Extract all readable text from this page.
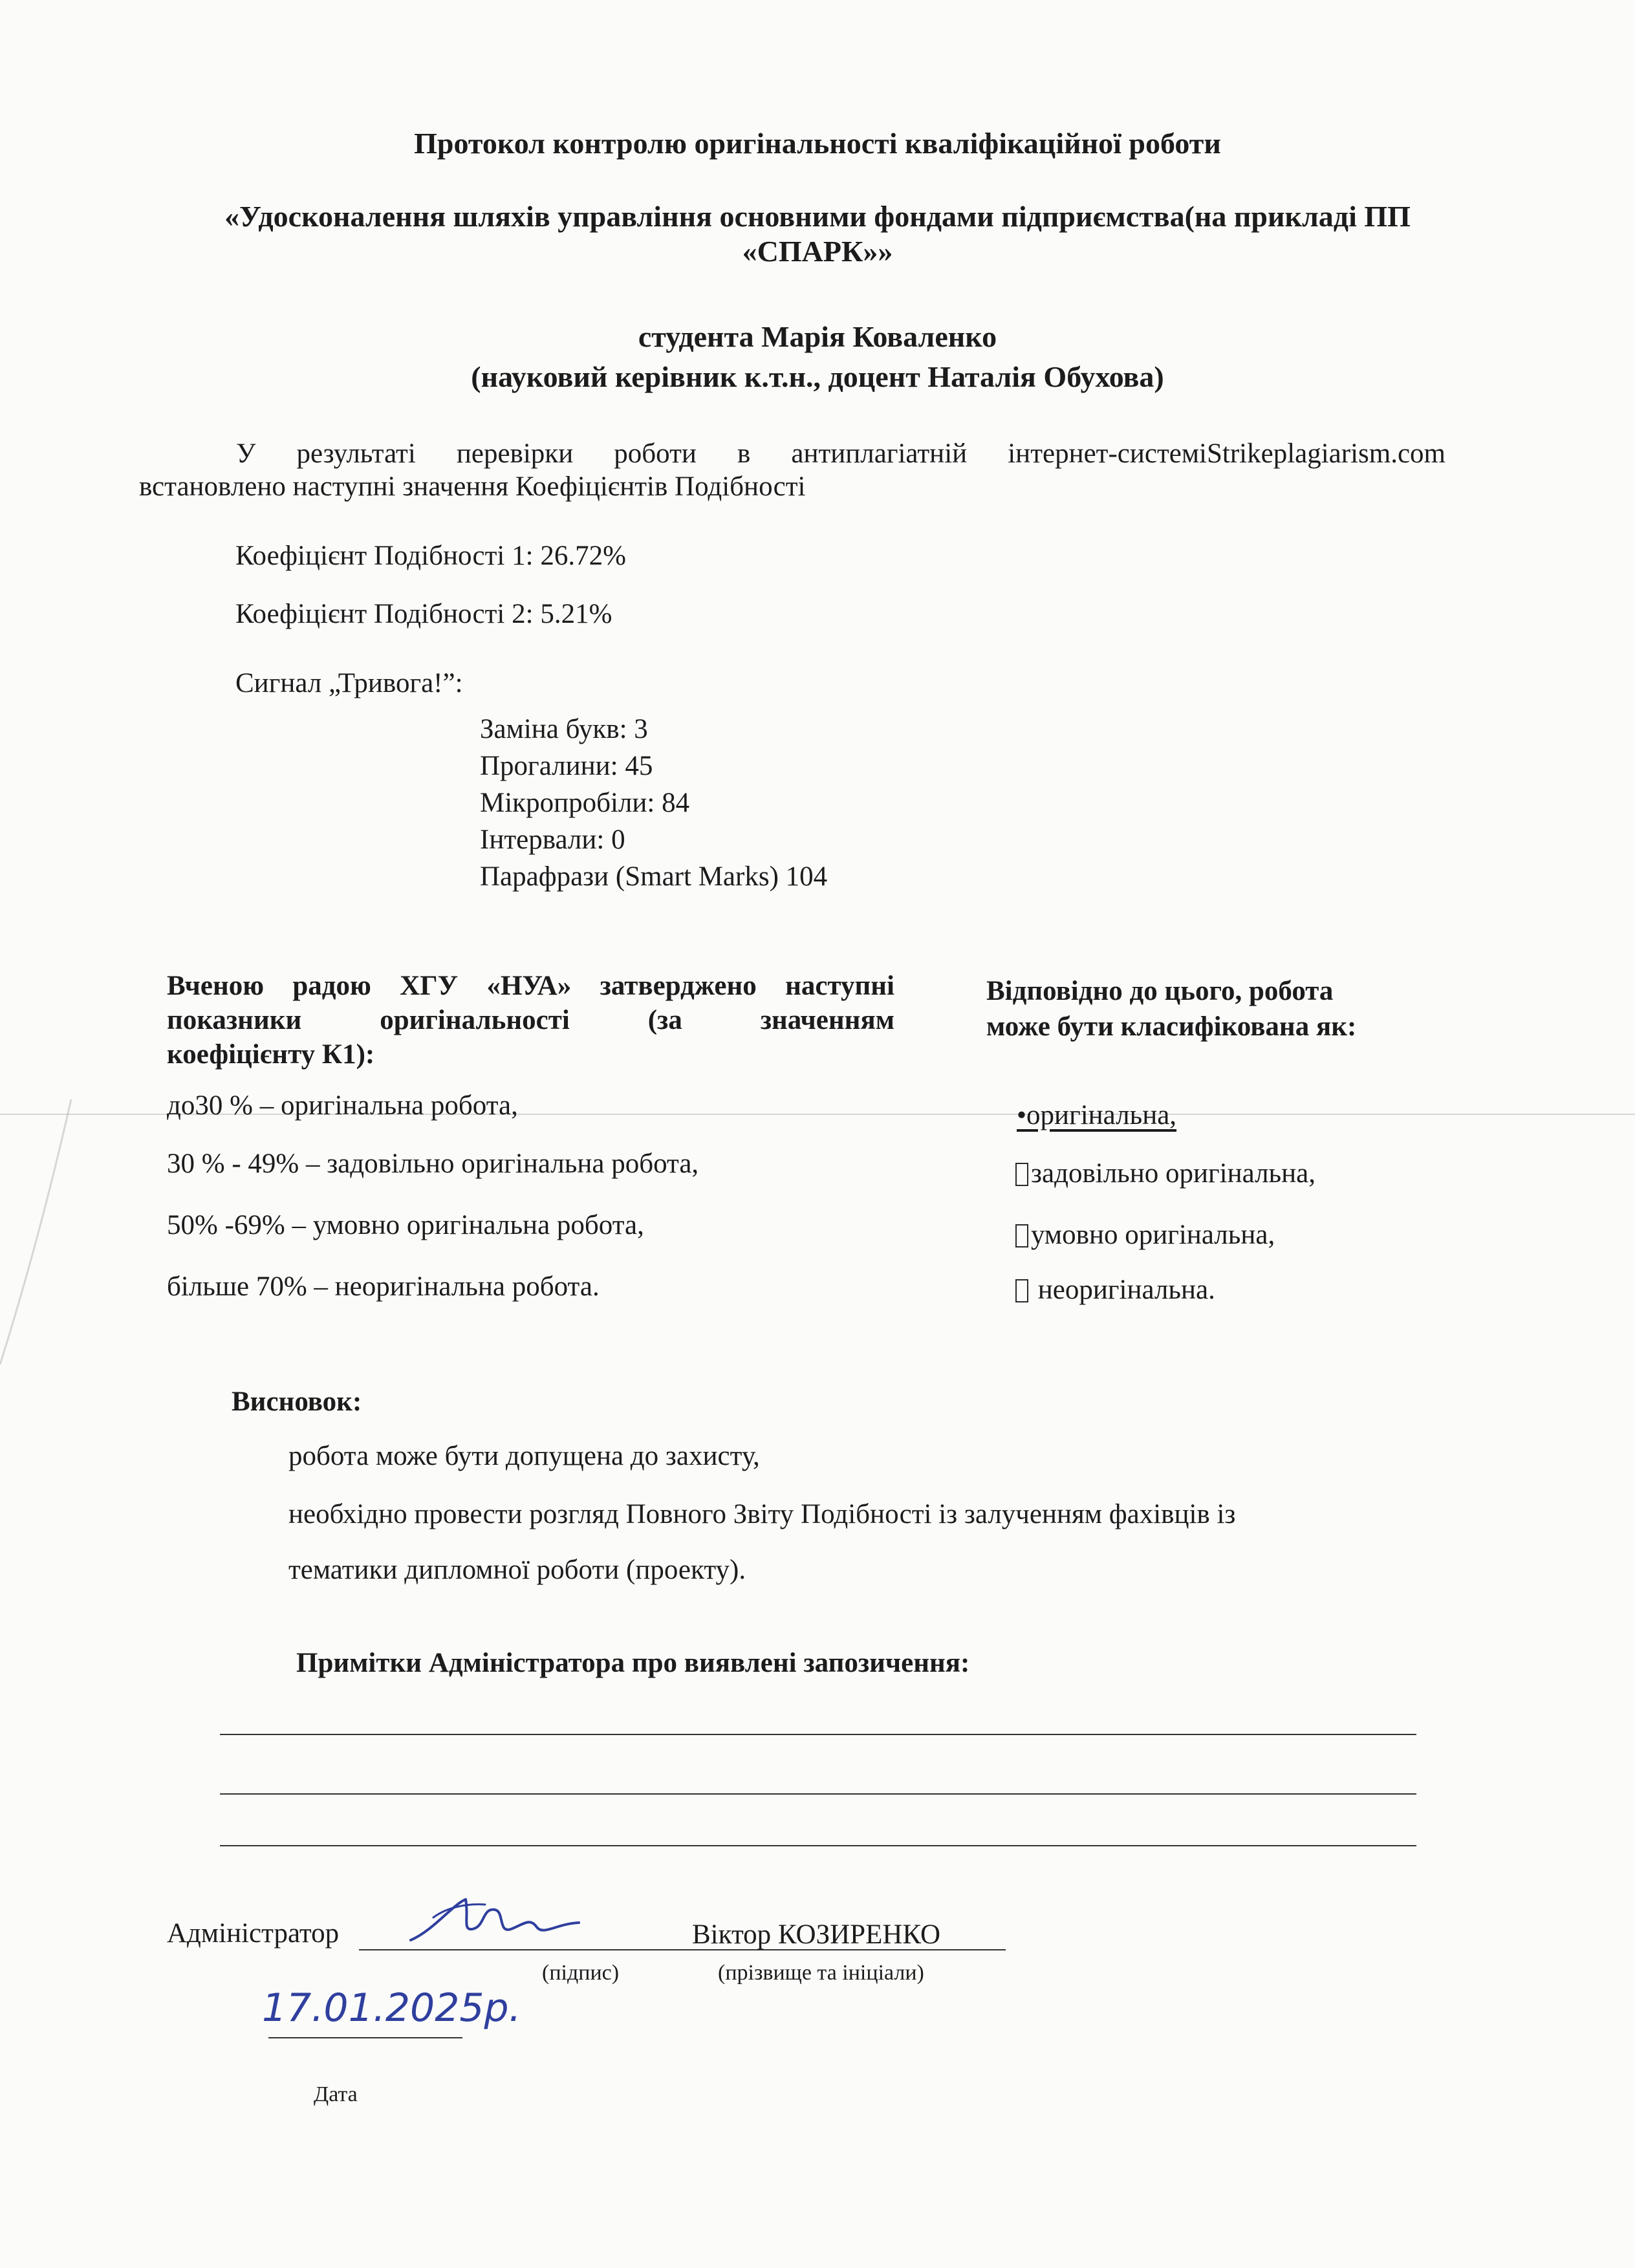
Протокол контролю оригінальності кваліфікаційної роботи
«Удосконалення шляхів управління основними фондами підприємства(на прикладі ПП
«СПАРК»»
студента Марія Коваленко
(науковий керівник к.т.н., доцент Наталія Обухова)
У результаті перевірки роботи в антиплагіатній інтернет-системіStrikeplagiarism.com
встановлено наступні значення Коефіцієнтів Подібності
Коефіцієнт Подібності 1: 26.72%
Коефіцієнт Подібності 2: 5.21%
Сигнал „Тривога!”:
Заміна букв: 3
Прогалини: 45
Мікропробіли: 84
Інтервали: 0
Парафрази (Smart Marks) 104
Вченою радою ХГУ «НУА» затверджено наступні
показники оригінальності (за значенням
коефіцієнту К1):
до30 % – оригінальна робота,
30 % - 49% – задовільно оригінальна робота,
50% -69% – умовно оригінальна робота,
більше 70% – неоригінальна робота.
Відповідно до цього, робота
може бути класифікована як:
•оригінальна,
задовільно оригінальна,
умовно оригінальна,
неоригінальна.
Висновок:
робота може бути допущена до захисту,
необхідно провести розгляд Повного Звіту Подібності із залученням фахівців із
тематики дипломної роботи (проекту).
Примітки Адміністратора про виявлені запозичення:
Адміністратор	Віктор КОЗИРЕНКО
(підпис)	(прізвище та ініціали)
17.01.2025р.
Дата
